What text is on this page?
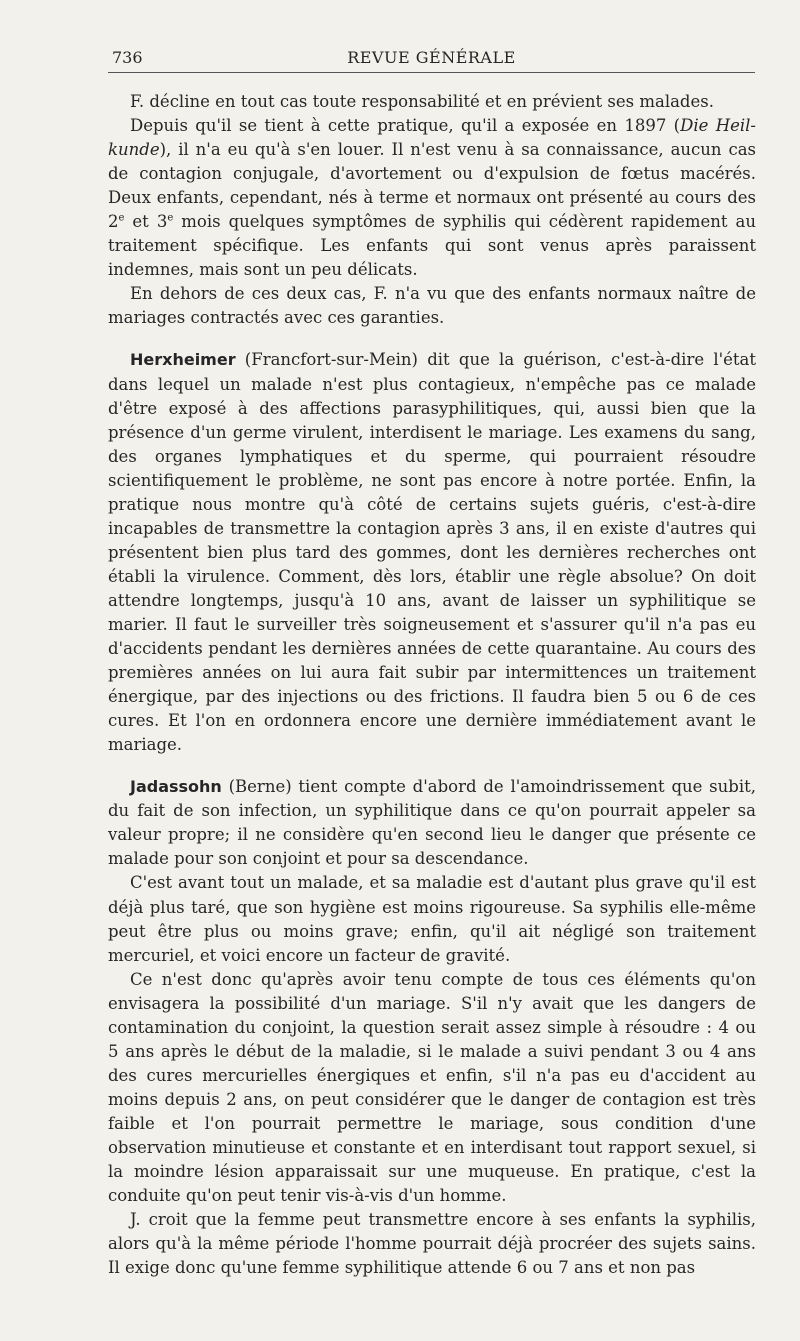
736	REVUE GÉNÉRALE

F. décline en tout cas toute responsabilité et en prévient ses malades.

Depuis qu'il se tient à cette pratique, qu'il a exposée en 1897 (Die Heil-kunde), il n'a eu qu'à s'en louer. Il n'est venu à sa connaissance, aucun cas de contagion conjugale, d'avortement ou d'expulsion de fœtus macérés. Deux enfants, cependant, nés à terme et normaux ont présenté au cours des 2e et 3e mois quelques symptômes de syphilis qui cédèrent rapidement au traitement spécifique. Les enfants qui sont venus après paraissent indemnes, mais sont un peu délicats.

En dehors de ces deux cas, F. n'a vu que des enfants normaux naître de mariages contractés avec ces garanties.

Herxheimer (Francfort-sur-Mein) dit que la guérison, c'est-à-dire l'état dans lequel un malade n'est plus contagieux, n'empêche pas ce malade d'être exposé à des affections parasyphilitiques, qui, aussi bien que la présence d'un germe virulent, interdisent le mariage. Les examens du sang, des organes lymphatiques et du sperme, qui pourraient résoudre scientifiquement le problème, ne sont pas encore à notre portée. Enfin, la pratique nous montre qu'à côté de certains sujets guéris, c'est-à-dire incapables de transmettre la contagion après 3 ans, il en existe d'autres qui présentent bien plus tard des gommes, dont les dernières recherches ont établi la virulence. Comment, dès lors, établir une règle absolue? On doit attendre longtemps, jusqu'à 10 ans, avant de laisser un syphilitique se marier. Il faut le surveiller très soigneusement et s'assurer qu'il n'a pas eu d'accidents pendant les dernières années de cette quarantaine. Au cours des premières années on lui aura fait subir par intermittences un traitement énergique, par des injections ou des frictions. Il faudra bien 5 ou 6 de ces cures. Et l'on en ordonnera encore une dernière immédiatement avant le mariage.

Jadassohn (Berne) tient compte d'abord de l'amoindrissement que subit, du fait de son infection, un syphilitique dans ce qu'on pourrait appeler sa valeur propre; il ne considère qu'en second lieu le danger que présente ce malade pour son conjoint et pour sa descendance.

C'est avant tout un malade, et sa maladie est d'autant plus grave qu'il est déjà plus taré, que son hygiène est moins rigoureuse. Sa syphilis elle-même peut être plus ou moins grave; enfin, qu'il ait négligé son traitement mercuriel, et voici encore un facteur de gravité.

Ce n'est donc qu'après avoir tenu compte de tous ces éléments qu'on envisagera la possibilité d'un mariage. S'il n'y avait que les dangers de contamination du conjoint, la question serait assez simple à résoudre : 4 ou 5 ans après le début de la maladie, si le malade a suivi pendant 3 ou 4 ans des cures mercurielles énergiques et enfin, s'il n'a pas eu d'accident au moins depuis 2 ans, on peut considérer que le danger de contagion est très faible et l'on pourrait permettre le mariage, sous condition d'une observation minutieuse et constante et en interdisant tout rapport sexuel, si la moindre lésion apparaissait sur une muqueuse. En pratique, c'est la conduite qu'on peut tenir vis-à-vis d'un homme.

J. croit que la femme peut transmettre encore à ses enfants la syphilis, alors qu'à la même période l'homme pourrait déjà procréer des sujets sains. Il exige donc qu'une femme syphilitique attende 6 ou 7 ans et non pas
